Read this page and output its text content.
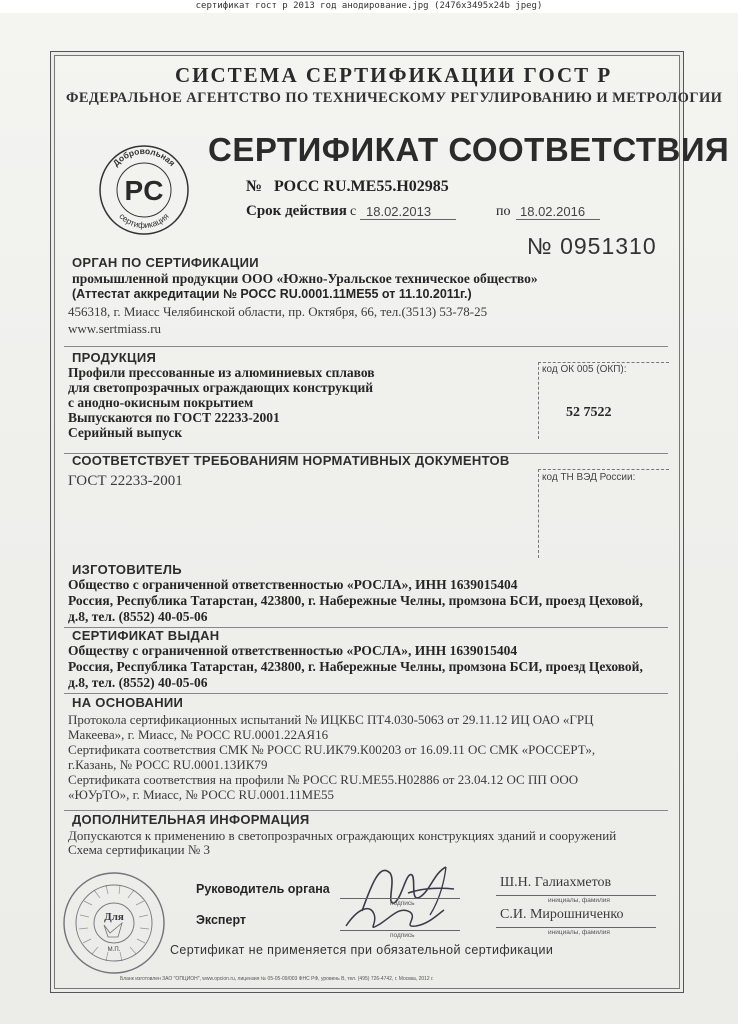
сертификат гост р 2013 год анодирование.jpg (2476x3495x24b jpeg)
СИСТЕМА СЕРТИФИКАЦИИ ГОСТ Р
ФЕДЕРАЛЬНОЕ АГЕНТСТВО ПО ТЕХНИЧЕСКОМУ РЕГУЛИРОВАНИЮ И МЕТРОЛОГИИ
Добровольная
сертификация
PC
СЕРТИФИКАТ СООТВЕТСТВИЯ
№ РОСС RU.МЕ55.Н02985
Срок действия с 18.02.2013	по 18.02.2016
№ 0951310
ОРГАН ПО СЕРТИФИКАЦИИ
промышленной продукции ООО «Южно-Уральское техническое общество»
(Аттестат аккредитации № РОСС RU.0001.11МЕ55 от 11.10.2011г.)
456318, г. Миасс Челябинской области, пр. Октября, 66, тел.(3513) 53-78-25
www.sertmiass.ru
ПРОДУКЦИЯ
Профили прессованные из алюминиевых сплавов
для светопрозрачных ограждающих конструкций
с анодно-окисным покрытием
Выпускаются по ГОСТ 22233-2001
Серийный выпуск
код ОК 005 (ОКП):
52 7522
СООТВЕТСТВУЕТ ТРЕБОВАНИЯМ НОРМАТИВНЫХ ДОКУМЕНТОВ
ГОСТ 22233-2001	код ТН ВЭД России:
ИЗГОТОВИТЕЛЬ
Общество с ограниченной ответственностью «РОСЛА», ИНН 1639015404
Россия, Республика Татарстан, 423800, г. Набережные Челны, промзона БСИ, проезд Цеховой,
д.8, тел. (8552) 40-05-06
СЕРТИФИКАТ ВЫДАН
Обществу с ограниченной ответственностью «РОСЛА», ИНН 1639015404
Россия, Республика Татарстан, 423800, г. Набережные Челны, промзона БСИ, проезд Цеховой,
д.8, тел. (8552) 40-05-06
НА ОСНОВАНИИ
Протокола сертификационных испытаний № ИЦКБС ПТ4.030-5063 от 29.11.12 ИЦ ОАО «ГРЦ
Макеева», г. Миасс, № РОСС RU.0001.22АЯ16
Сертификата соответствия СМК № РОСС RU.ИК79.К00203 от 16.09.11 ОС СМК «РОССЕРТ»,
г.Казань, № РОСС RU.0001.13ИК79
Сертификата соответствия на профили № РОСС RU.МЕ55.Н02886 от 23.04.12 ОС ПП ООО
«ЮУрТО», г. Миасс, № РОСС RU.0001.11МЕ55
ДОПОЛНИТЕЛЬНАЯ ИНФОРМАЦИЯ
Допускаются к применению в светопрозрачных ограждающих конструкциях зданий и сооружений
Схема сертификации № 3
Руководитель органа
Эксперт
подпись
подпись
Ш.Н. Галиахметов
инициалы, фамилия
С.И. Мирошниченко
инициалы, фамилия
Для
М.П.	Сертификат не применяется при обязательной сертификации
Бланк изготовлен ЗАО "ОПЦИОН", www.opcion.ru, лицензия № 05-05-09/003 ФНС РФ, уровень В, тел. (495) 726-4742, г. Москва, 2012 г.
